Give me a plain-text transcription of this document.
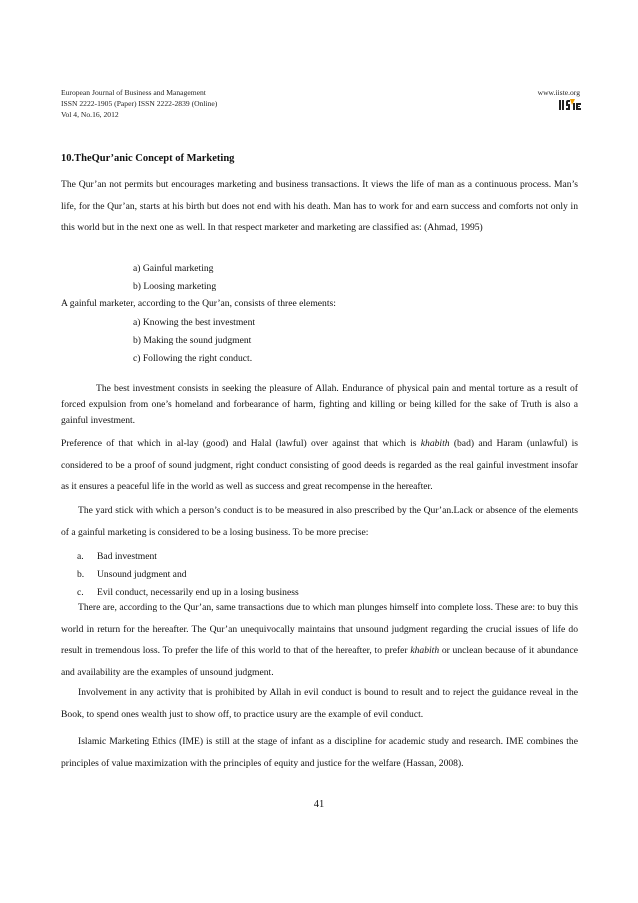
European Journal of Business and Management
ISSN 2222-1905 (Paper) ISSN 2222-2839 (Online)
Vol 4, No.16, 2012
www.iiste.org
10.TheQur’anic Concept of Marketing

The Qur’an not permits but encourages marketing and business transactions. It views the life of man as a continuous process. Man’s life, for the Qur’an, starts at his birth but does not end with his death. Man has to work for and earn success and comforts not only in this world but in the next one as well. In that respect marketer and marketing are classified as: (Ahmad, 1995)

a) Gainful marketing
b) Loosing marketing
A gainful marketer, according to the Qur’an, consists of three elements:
a) Knowing the best investment
b) Making the sound judgment
c) Following the right conduct.

The best investment consists in seeking the pleasure of Allah. Endurance of physical pain and mental torture as a result of forced expulsion from one’s homeland and forbearance of harm, fighting and killing or being killed for the sake of Truth is also a gainful investment.

Preference of that which in al-lay (good) and Halal (lawful) over against that which is khabith (bad) and Haram (unlawful) is considered to be a proof of sound judgment, right conduct consisting of good deeds is regarded as the real gainful investment insofar as it ensures a peaceful life in the world as well as success and great recompense in the hereafter.

The yard stick with which a person’s conduct is to be measured in also prescribed by the Qur’an.Lack or absence of the elements of a gainful marketing is considered to be a losing business. To be more precise:

a. Bad investment
b. Unsound judgment and
c. Evil conduct, necessarily end up in a losing business

There are, according to the Qur’an, same transactions due to which man plunges himself into complete loss. These are: to buy this world in return for the hereafter. The Qur’an unequivocally maintains that unsound judgment regarding the crucial issues of life do result in tremendous loss. To prefer the life of this world to that of the hereafter, to prefer khabith or unclean because of it abundance and availability are the examples of unsound judgment.

Involvement in any activity that is prohibited by Allah in evil conduct is bound to result and to reject the guidance reveal in the Book, to spend ones wealth just to show off, to practice usury are the example of evil conduct.

Islamic Marketing Ethics (IME) is still at the stage of infant as a discipline for academic study and research. IME combines the principles of value maximization with the principles of equity and justice for the welfare (Hassan, 2008).

41
